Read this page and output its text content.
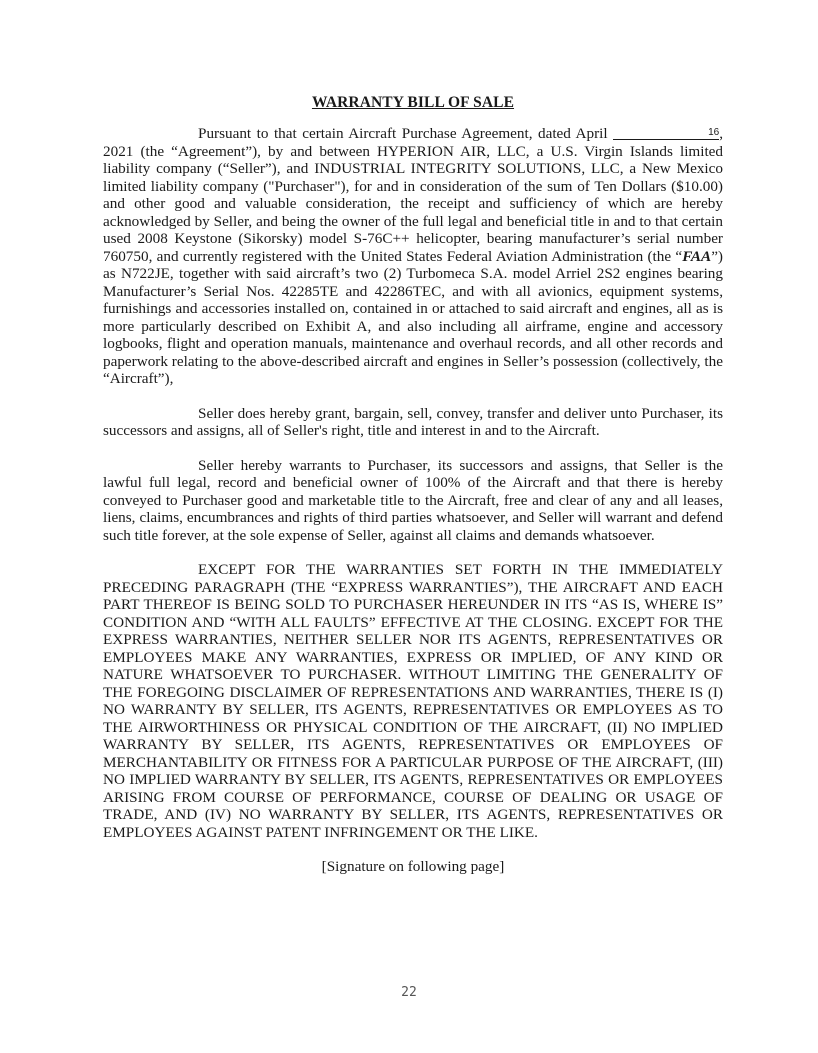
WARRANTY BILL OF SALE

Pursuant to that certain Aircraft Purchase Agreement, dated April	16, 2021 (the “Agreement”), by and between HYPERION AIR, LLC, a U.S. Virgin Islands limited liability company (“Seller”), and INDUSTRIAL INTEGRITY SOLUTIONS, LLC, a New Mexico limited liability company ("Purchaser"), for and in consideration of the sum of Ten Dollars ($10.00) and other good and valuable consideration, the receipt and sufficiency of which are hereby acknowledged by Seller, and being the owner of the full legal and beneficial title in and to that certain used 2008 Keystone (Sikorsky) model S-76C++ helicopter, bearing manufacturer’s serial number 760750, and currently registered with the United States Federal Aviation Administration (the “FAA”) as N722JE, together with said aircraft’s two (2) Turbomeca S.A. model Arriel 2S2 engines bearing Manufacturer’s Serial Nos. 42285TE and 42286TEC, and with all avionics, equipment systems, furnishings and accessories installed on, contained in or attached to said aircraft and engines, all as is more particularly described on Exhibit A, and also including all airframe, engine and accessory logbooks, flight and operation manuals, maintenance and overhaul records, and all other records and paperwork relating to the above-described aircraft and engines in Seller’s possession (collectively, the “Aircraft”),

Seller does hereby grant, bargain, sell, convey, transfer and deliver unto Purchaser, its successors and assigns, all of Seller's right, title and interest in and to the Aircraft.

Seller hereby warrants to Purchaser, its successors and assigns, that Seller is the lawful full legal, record and beneficial owner of 100% of the Aircraft and that there is hereby conveyed to Purchaser good and marketable title to the Aircraft, free and clear of any and all leases, liens, claims, encumbrances and rights of third parties whatsoever, and Seller will warrant and defend such title forever, at the sole expense of Seller, against all claims and demands whatsoever.

EXCEPT FOR THE WARRANTIES SET FORTH IN THE IMMEDIATELY PRECEDING PARAGRAPH (THE “EXPRESS WARRANTIES”), THE AIRCRAFT AND EACH PART THEREOF IS BEING SOLD TO PURCHASER HEREUNDER IN ITS “AS IS, WHERE IS” CONDITION AND “WITH ALL FAULTS” EFFECTIVE AT THE CLOSING. EXCEPT FOR THE EXPRESS WARRANTIES, NEITHER SELLER NOR ITS AGENTS, REPRESENTATIVES OR EMPLOYEES MAKE ANY WARRANTIES, EXPRESS OR IMPLIED, OF ANY KIND OR NATURE WHATSOEVER TO PURCHASER. WITHOUT LIMITING THE GENERALITY OF THE FOREGOING DISCLAIMER OF REPRESENTATIONS AND WARRANTIES, THERE IS (I) NO WARRANTY BY SELLER, ITS AGENTS, REPRESENTATIVES OR EMPLOYEES AS TO THE AIRWORTHINESS OR PHYSICAL CONDITION OF THE AIRCRAFT, (II) NO IMPLIED WARRANTY BY SELLER, ITS AGENTS, REPRESENTATIVES OR EMPLOYEES OF MERCHANTABILITY OR FITNESS FOR A PARTICULAR PURPOSE OF THE AIRCRAFT, (III) NO IMPLIED WARRANTY BY SELLER, ITS AGENTS, REPRESENTATIVES OR EMPLOYEES ARISING FROM COURSE OF PERFORMANCE, COURSE OF DEALING OR USAGE OF TRADE, AND (IV) NO WARRANTY BY SELLER, ITS AGENTS, REPRESENTATIVES OR EMPLOYEES AGAINST PATENT INFRINGEMENT OR THE LIKE.

[Signature on following page]
22
